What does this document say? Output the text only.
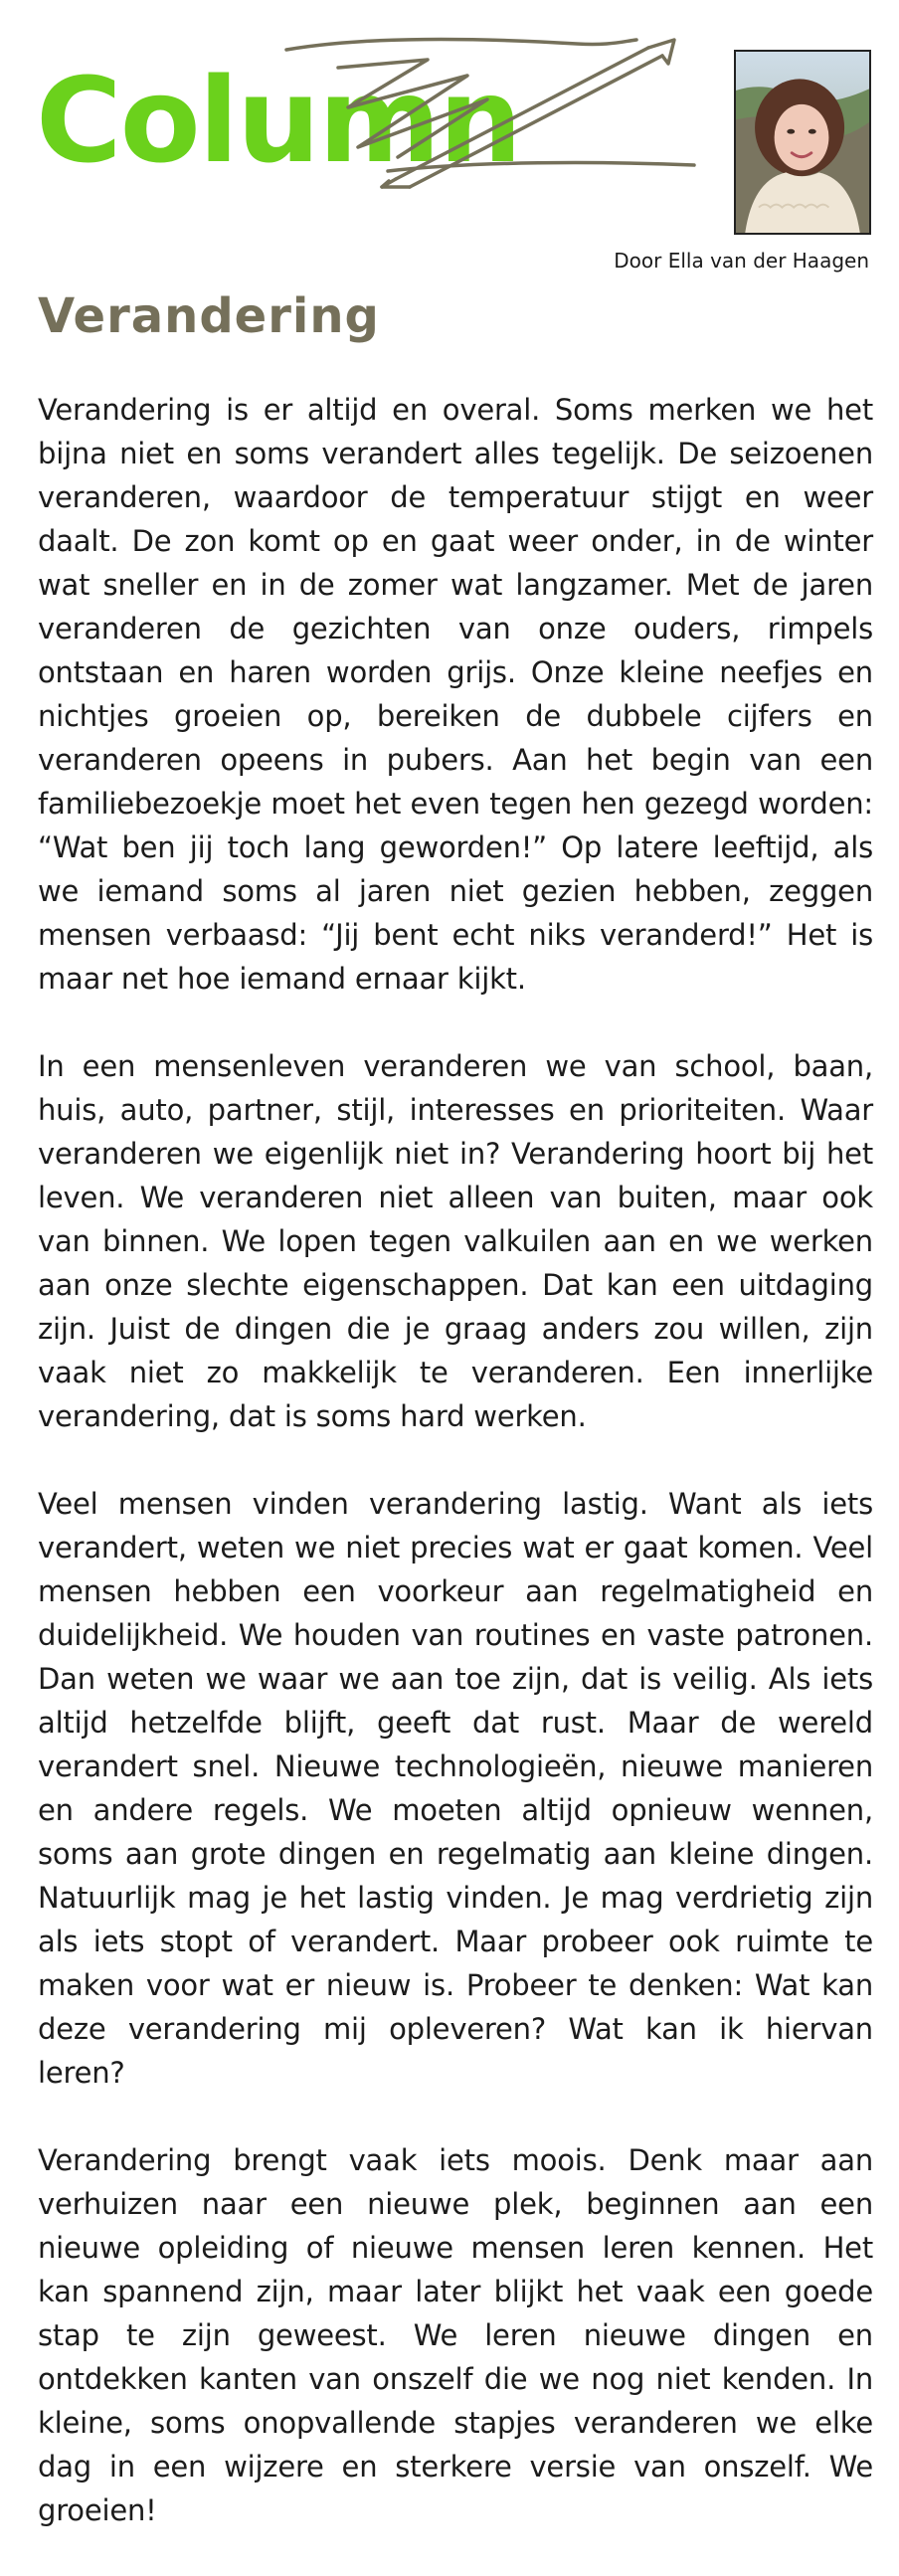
Column

Door Ella van der Haagen

Verandering

Verandering is er altijd en overal. Soms merken we het bijna niet en soms verandert alles tegelijk. De seizoenen veranderen, waardoor de temperatuur stijgt en weer daalt. De zon komt op en gaat weer onder, in de winter wat sneller en in de zomer wat langzamer. Met de jaren veranderen de gezichten van onze ouders, rimpels ontstaan en haren worden grijs. Onze kleine neefjes en nichtjes groeien op, bereiken de dubbele cijfers en veranderen opeens in pubers. Aan het begin van een familiebezoekje moet het even tegen hen gezegd worden: “Wat ben jij toch lang geworden!” Op latere leeftijd, als we iemand soms al jaren niet gezien hebben, zeggen mensen verbaasd: “Jij bent echt niks veranderd!” Het is maar net hoe iemand ernaar kijkt.

In een mensenleven veranderen we van school, baan, huis, auto, partner, stijl, interesses en prioriteiten. Waar veranderen we eigenlijk niet in? Verandering hoort bij het leven. We veranderen niet alleen van buiten, maar ook van binnen. We lopen tegen valkuilen aan en we werken aan onze slechte eigenschappen. Dat kan een uitdaging zijn. Juist de dingen die je graag anders zou willen, zijn vaak niet zo makkelijk te veranderen. Een innerlijke verandering, dat is soms hard werken.

Veel mensen vinden verandering lastig. Want als iets verandert, weten we niet precies wat er gaat komen. Veel mensen hebben een voorkeur aan regelmatigheid en duidelijkheid. We houden van routines en vaste patronen. Dan weten we waar we aan toe zijn, dat is veilig. Als iets altijd hetzelfde blijft, geeft dat rust. Maar de wereld verandert snel. Nieuwe technologieën, nieuwe manieren en andere regels. We moeten altijd opnieuw wennen, soms aan grote dingen en regelmatig aan kleine dingen. Natuurlijk mag je het lastig vinden. Je mag verdrietig zijn als iets stopt of verandert. Maar probeer ook ruimte te maken voor wat er nieuw is. Probeer te denken: Wat kan deze verandering mij opleveren? Wat kan ik hiervan leren?

Verandering brengt vaak iets moois. Denk maar aan verhuizen naar een nieuwe plek, beginnen aan een nieuwe opleiding of nieuwe mensen leren kennen. Het kan spannend zijn, maar later blijkt het vaak een goede stap te zijn geweest. We leren nieuwe dingen en ontdekken kanten van onszelf die we nog niet kenden. In kleine, soms onopvallende stapjes veranderen we elke dag in een wijzere en sterkere versie van onszelf. We groeien!
